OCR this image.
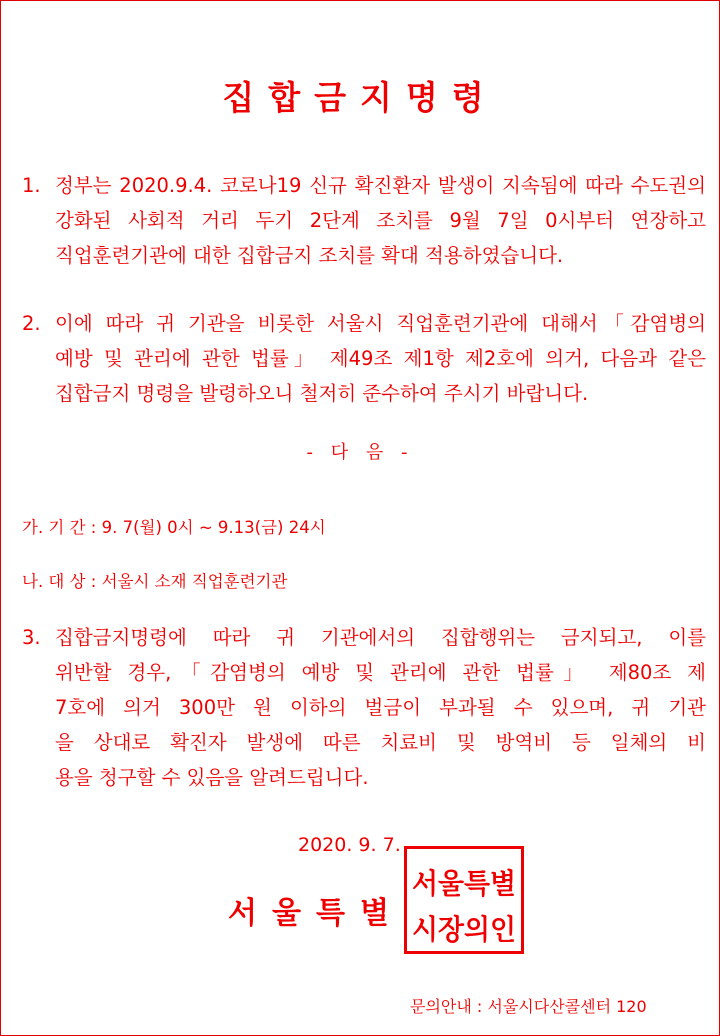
집합금지명령
1. 정부는 2020.9.4. 코로나19 신규 확진환자 발생이 지속됨에 따라 수도권의
강화된 사회적 거리 두기 2단계 조치를 9월 7일 0시부터 연장하고
직업훈련기관에 대한 집합금지 조치를 확대 적용하였습니다.
2. 이에 따라 귀 기관을 비롯한 서울시 직업훈련기관에 대해서「감염병의
예방 및 관리에 관한 법률」 제49조 제1항 제2호에 의거, 다음과 같은
집합금지 명령을 발령하오니 철저히 준수하여 주시기 바랍니다.
- 다 음 -
가. 기 간 : 9. 7(월) 0시 ~ 9.13(금) 24시
나. 대 상 : 서울시 소재 직업훈련기관
3. 집합금지명령에 따라 귀 기관에서의 집합행위는 금지되고, 이를
위반할 경우,「감염병의 예방 및 관리에 관한 법률」 제80조 제
7호에 의거 300만 원 이하의 벌금이 부과될 수 있으며, 귀 기관
을 상대로 확진자 발생에 따른 치료비 및 방역비 등 일체의 비
용을 청구할 수 있음을 알려드립니다.
2020. 9. 7.
서울특별
서울특별
시장의인
문의안내 : 서울시다산콜센터 120
